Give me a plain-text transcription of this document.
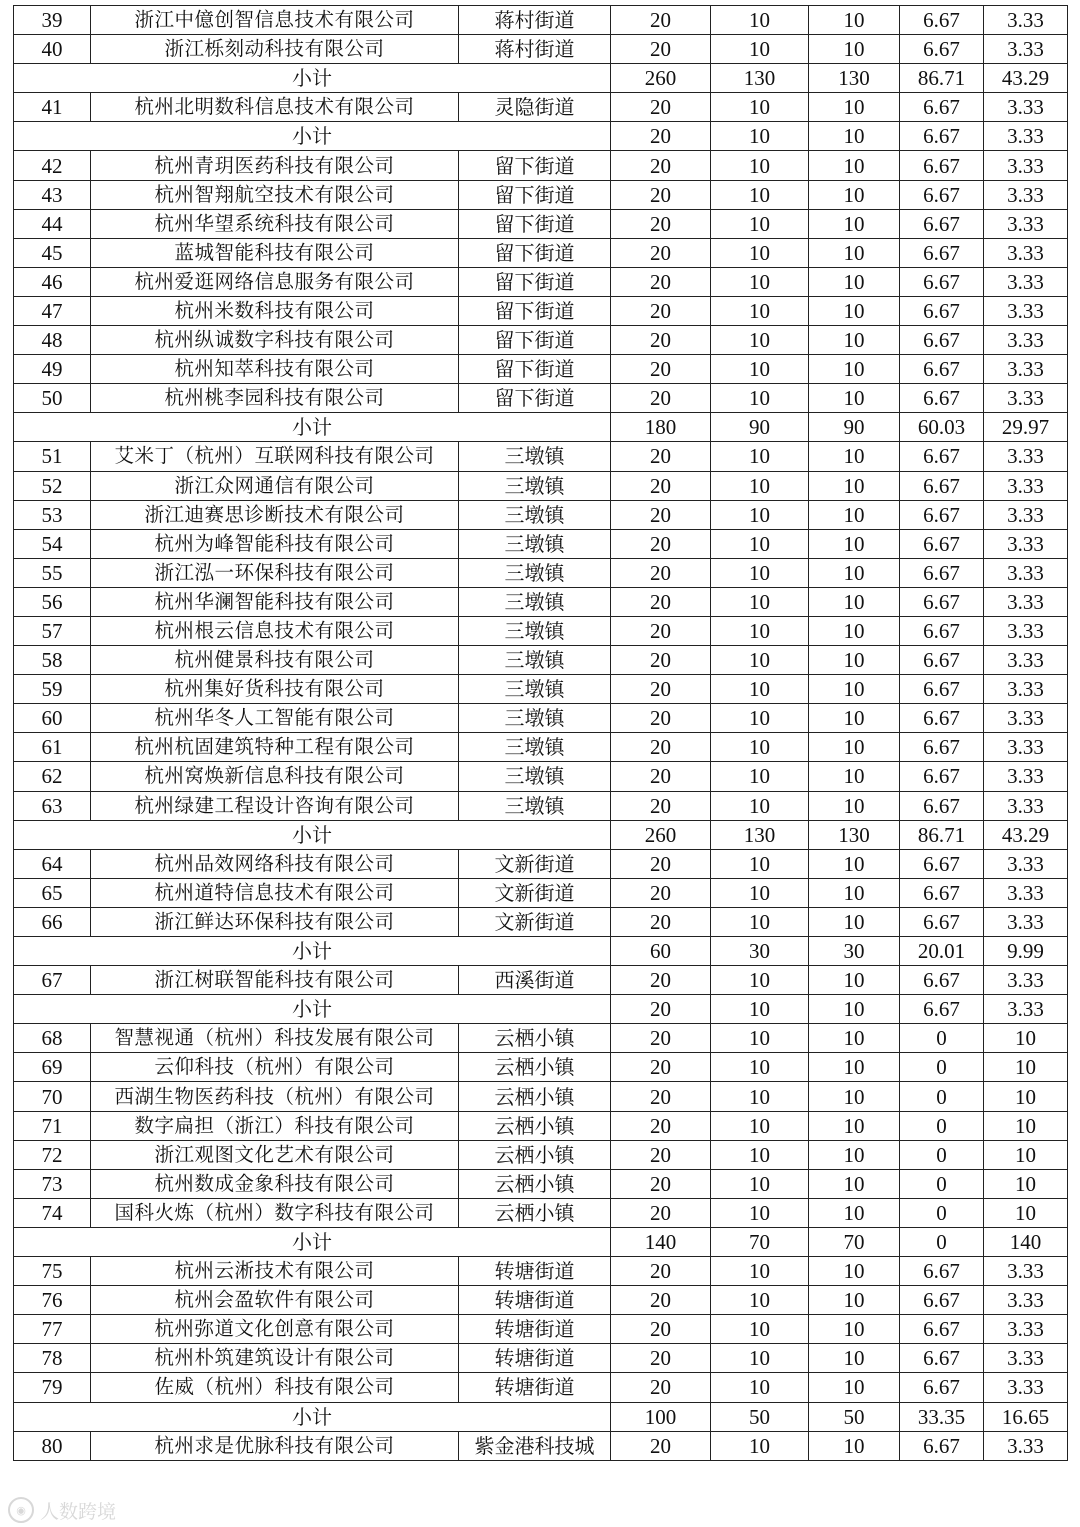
39	浙江中億创智信息技术有限公司	蒋村街道	20	10	10	6.67	3.33
40	浙江栎刻动科技有限公司	蒋村街道	20	10	10	6.67	3.33
小计			260	130	130	86.71	43.29
41	杭州北明数科信息技术有限公司	灵隐街道	20	10	10	6.67	3.33
小计			20	10	10	6.67	3.33
42	杭州青玥医药科技有限公司	留下街道	20	10	10	6.67	3.33
43	杭州智翔航空技术有限公司	留下街道	20	10	10	6.67	3.33
44	杭州华望系统科技有限公司	留下街道	20	10	10	6.67	3.33
45	蓝城智能科技有限公司	留下街道	20	10	10	6.67	3.33
46	杭州爱逛网络信息服务有限公司	留下街道	20	10	10	6.67	3.33
47	杭州米数科技有限公司	留下街道	20	10	10	6.67	3.33
48	杭州纵诚数字科技有限公司	留下街道	20	10	10	6.67	3.33
49	杭州知萃科技有限公司	留下街道	20	10	10	6.67	3.33
50	杭州桃李园科技有限公司	留下街道	20	10	10	6.67	3.33
小计			180	90	90	60.03	29.97
51	艾米丁（杭州）互联网科技有限公司	三墩镇	20	10	10	6.67	3.33
52	浙江众网通信有限公司	三墩镇	20	10	10	6.67	3.33
53	浙江迪赛思诊断技术有限公司	三墩镇	20	10	10	6.67	3.33
54	杭州为峰智能科技有限公司	三墩镇	20	10	10	6.67	3.33
55	浙江泓一环保科技有限公司	三墩镇	20	10	10	6.67	3.33
56	杭州华澜智能科技有限公司	三墩镇	20	10	10	6.67	3.33
57	杭州根云信息技术有限公司	三墩镇	20	10	10	6.67	3.33
58	杭州健景科技有限公司	三墩镇	20	10	10	6.67	3.33
59	杭州集好货科技有限公司	三墩镇	20	10	10	6.67	3.33
60	杭州华冬人工智能有限公司	三墩镇	20	10	10	6.67	3.33
61	杭州杭固建筑特种工程有限公司	三墩镇	20	10	10	6.67	3.33
62	杭州窝焕新信息科技有限公司	三墩镇	20	10	10	6.67	3.33
63	杭州绿建工程设计咨询有限公司	三墩镇	20	10	10	6.67	3.33
小计			260	130	130	86.71	43.29
64	杭州品效网络科技有限公司	文新街道	20	10	10	6.67	3.33
65	杭州道特信息技术有限公司	文新街道	20	10	10	6.67	3.33
66	浙江鲜达环保科技有限公司	文新街道	20	10	10	6.67	3.33
小计			60	30	30	20.01	9.99
67	浙江树联智能科技有限公司	西溪街道	20	10	10	6.67	3.33
小计			20	10	10	6.67	3.33
68	智慧视通（杭州）科技发展有限公司	云栖小镇	20	10	10	0	10
69	云仰科技（杭州）有限公司	云栖小镇	20	10	10	0	10
70	西湖生物医药科技（杭州）有限公司	云栖小镇	20	10	10	0	10
71	数字扁担（浙江）科技有限公司	云栖小镇	20	10	10	0	10
72	浙江观图文化艺术有限公司	云栖小镇	20	10	10	0	10
73	杭州数成金象科技有限公司	云栖小镇	20	10	10	0	10
74	国科火炼（杭州）数字科技有限公司	云栖小镇	20	10	10	0	10
小计			140	70	70	0	140
75	杭州云淅技术有限公司	转塘街道	20	10	10	6.67	3.33
76	杭州会盈软件有限公司	转塘街道	20	10	10	6.67	3.33
77	杭州弥道文化创意有限公司	转塘街道	20	10	10	6.67	3.33
78	杭州朴筑建筑设计有限公司	转塘街道	20	10	10	6.67	3.33
79	佐威（杭州）科技有限公司	转塘街道	20	10	10	6.67	3.33
小计			100	50	50	33.35	16.65
80	杭州求是优脉科技有限公司	紫金港科技城	20	10	10	6.67	3.33
◉ 人数跨境
